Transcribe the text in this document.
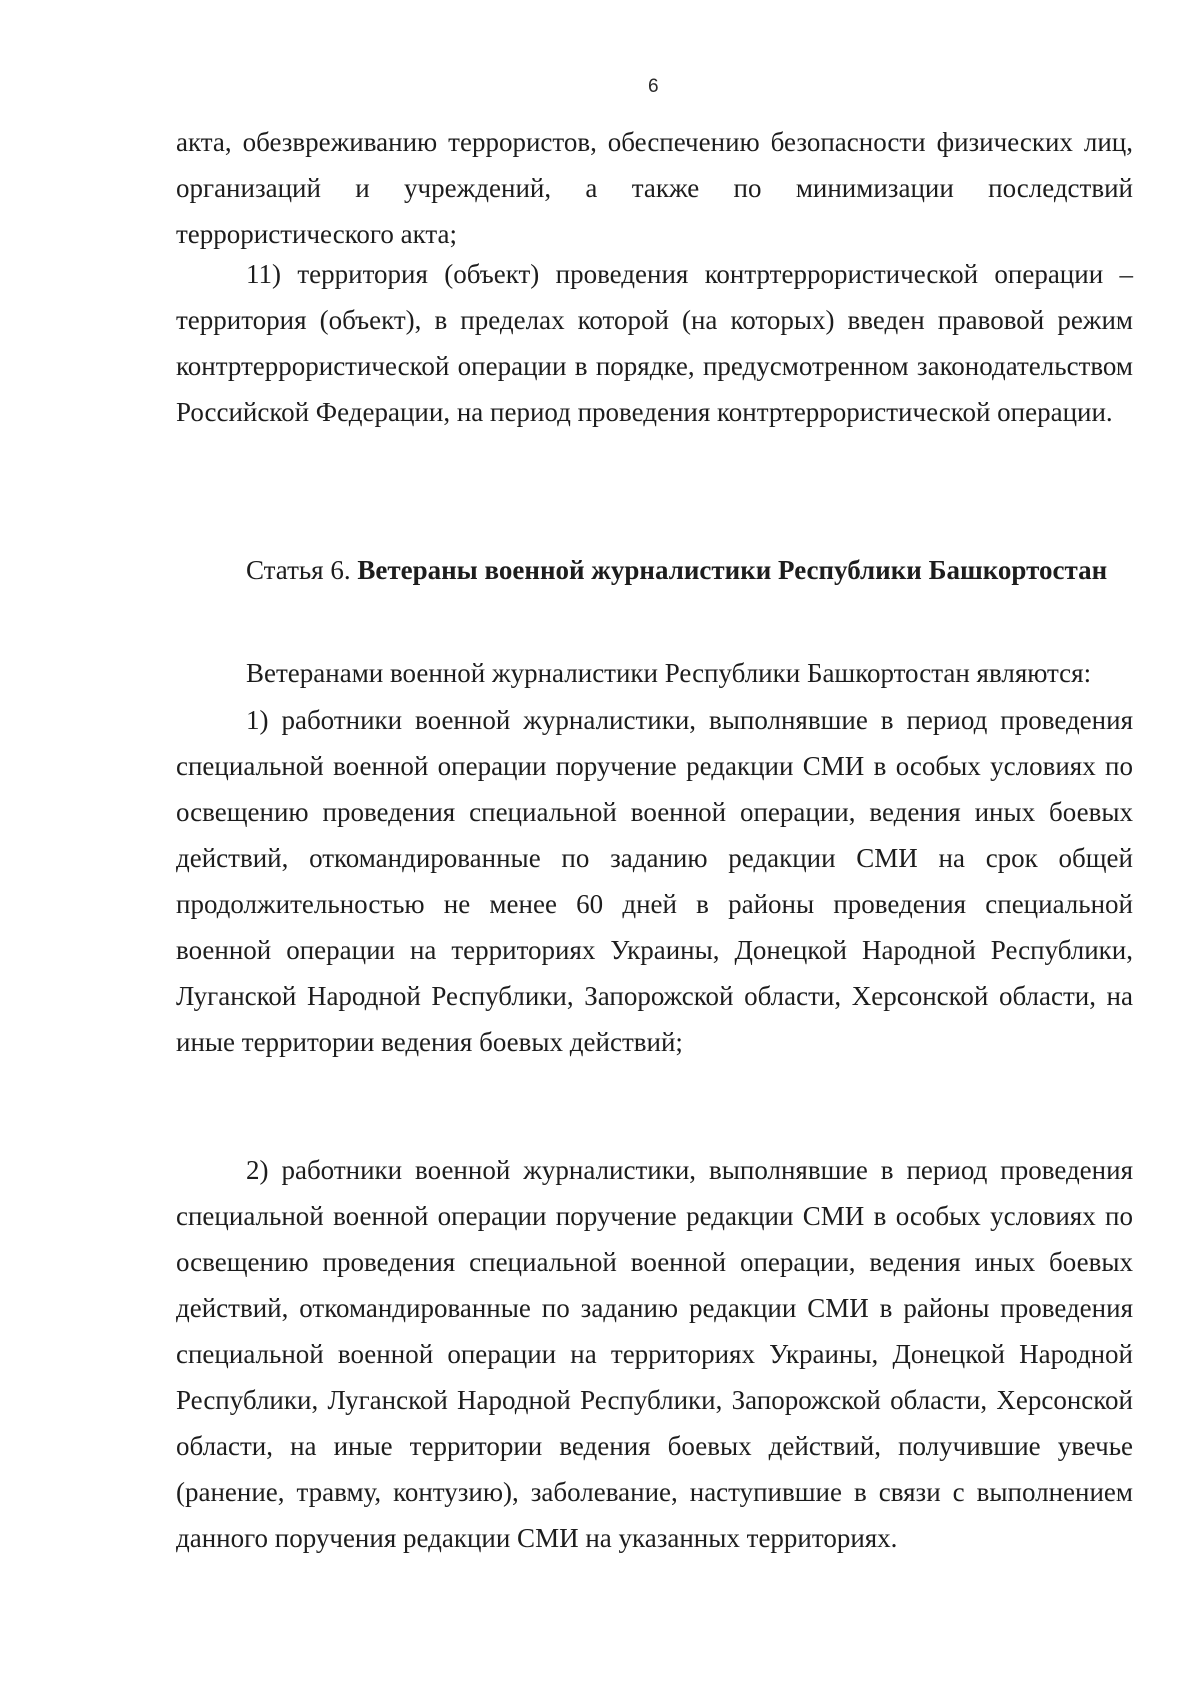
6

акта, обезвреживанию террористов, обеспечению безопасности физических лиц, организаций и учреждений, а также по минимизации последствий террористического акта;

11) территория (объект) проведения контртеррористической операции – территория (объект), в пределах которой (на которых) введен правовой режим контртеррористической операции в порядке, предусмотренном законодательством Российской Федерации, на период проведения контртеррористической операции.

Статья 6. Ветераны военной журналистики Республики Башкортостан

Ветеранами военной журналистики Республики Башкортостан являются:

1) работники военной журналистики, выполнявшие в период проведения специальной военной операции поручение редакции СМИ в особых условиях по освещению проведения специальной военной операции, ведения иных боевых действий, откомандированные по заданию редакции СМИ на срок общей продолжительностью не менее 60 дней в районы проведения специальной военной операции на территориях Украины, Донецкой Народной Республики, Луганской Народной Республики, Запорожской области, Херсонской области, на иные территории ведения боевых действий;

2) работники военной журналистики, выполнявшие в период проведения специальной военной операции поручение редакции СМИ в особых условиях по освещению проведения специальной военной операции, ведения иных боевых действий, откомандированные по заданию редакции СМИ в районы проведения специальной военной операции на территориях Украины, Донецкой Народной Республики, Луганской Народной Республики, Запорожской области, Херсонской области, на иные территории ведения боевых действий, получившие увечье (ранение, травму, контузию), заболевание, наступившие в связи с выполнением данного поручения редакции СМИ на указанных территориях.
